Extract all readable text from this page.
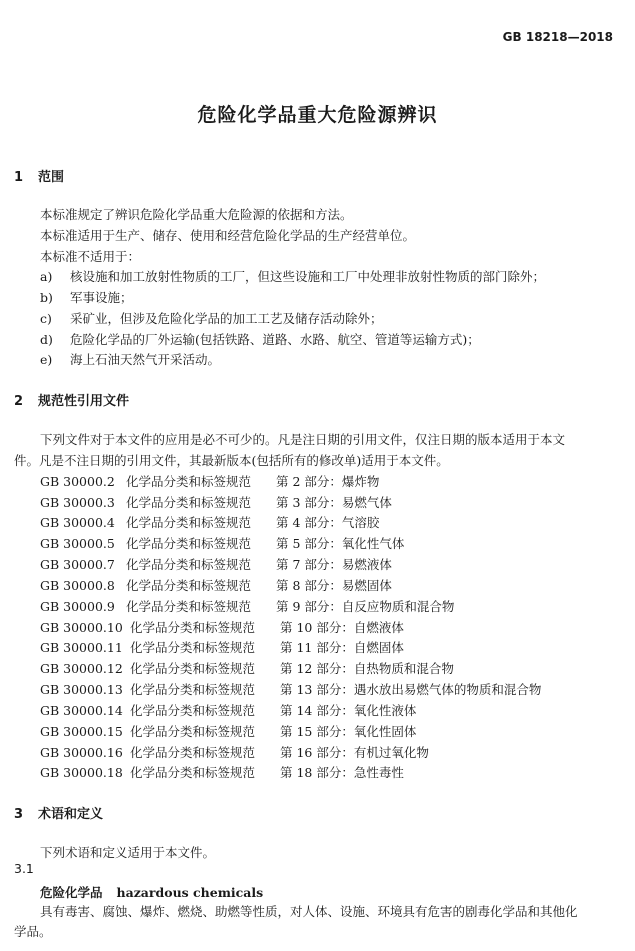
GB 18218—2018
危险化学品重大危险源辨识
1 范围
本标准规定了辨识危险化学品重大危险源的依据和方法。
本标准适用于生产、储存、使用和经营危险化学品的生产经营单位。
本标准不适用于：
a) 核设施和加工放射性物质的工厂，但这些设施和工厂中处理非放射性物质的部门除外；
b) 军事设施；
c) 采矿业，但涉及危险化学品的加工工艺及储存活动除外；
d) 危险化学品的厂外运输(包括铁路、道路、水路、航空、管道等运输方式)；
e) 海上石油天然气开采活动。
2 规范性引用文件
下列文件对于本文件的应用是必不可少的。凡是注日期的引用文件，仅注日期的版本适用于本文
件。凡是不注日期的引用文件，其最新版本(包括所有的修改单)适用于本文件。
GB 30000.2 化学品分类和标签规范 第 2 部分：爆炸物
GB 30000.3 化学品分类和标签规范 第 3 部分：易燃气体
GB 30000.4 化学品分类和标签规范 第 4 部分：气溶胶
GB 30000.5 化学品分类和标签规范 第 5 部分：氧化性气体
GB 30000.7 化学品分类和标签规范 第 7 部分：易燃液体
GB 30000.8 化学品分类和标签规范 第 8 部分：易燃固体
GB 30000.9 化学品分类和标签规范 第 9 部分：自反应物质和混合物
GB 30000.10 化学品分类和标签规范 第 10 部分：自燃液体
GB 30000.11 化学品分类和标签规范 第 11 部分：自燃固体
GB 30000.12 化学品分类和标签规范 第 12 部分：自热物质和混合物
GB 30000.13 化学品分类和标签规范 第 13 部分：遇水放出易燃气体的物质和混合物
GB 30000.14 化学品分类和标签规范 第 14 部分：氧化性液体
GB 30000.15 化学品分类和标签规范 第 15 部分：氧化性固体
GB 30000.16 化学品分类和标签规范 第 16 部分：有机过氧化物
GB 30000.18 化学品分类和标签规范 第 18 部分：急性毒性
3 术语和定义
下列术语和定义适用于本文件。
3.1
危险化学品 hazardous chemicals
具有毒害、腐蚀、爆炸、燃烧、助燃等性质，对人体、设施、环境具有危害的剧毒化学品和其他化
学品。
